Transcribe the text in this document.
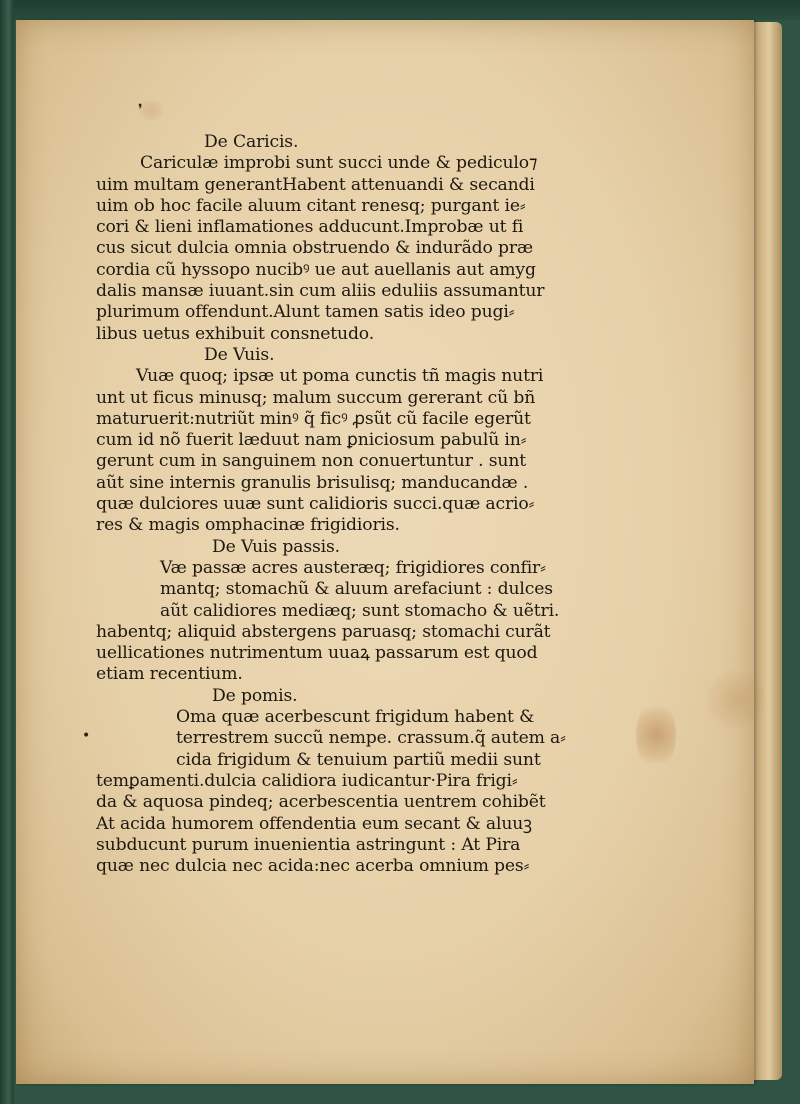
❜
•
De Caricis.
Cariculæ improbi sunt succi unde & pediculo⁊
uim multam generantHabent attenuandi & secandi
uim ob hoc facile aluum citant renesq; purgant ie⸗
cori & lieni inflamationes adducunt.Improbæ ut fi
cus sicut dulcia omnia obstruendo & indurãdo præ
cordia cũ hyssopo nucibꝰ ue aut auellanis aut amyg
dalis mansæ iuuant.sin cum aliis eduliis assumantur
plurimum offendunt.Alunt tamen satis ideo pugi⸗
libus uetus exhibuit consnetudo.
De Vuis.
Vuæ quoq; ipsæ ut poma cunctis tñ magis nutri
unt ut ficus minusq; malum succum gererant cũ bñ
maturuerit:nutriũt minꝰ q̃ ficꝰ ꝓsũt cũ facile egerũt
cum id nõ fuerit læduut nam ꝑniciosum pabulũ in⸗
gerunt cum in sanguinem non conuertuntur . sunt
aũt sine internis granulis brisulisq; manducandæ .
quæ dulciores uuæ sunt calidioris succi.quæ acrio⸗
res & magis omphacinæ frigidioris.
De Vuis passis.
Væ passæ acres austeræq; frigidiores confir⸗
mantq; stomachũ & aluum arefaciunt : dulces
aũt calidiores mediæq; sunt stomacho & uẽtri.
habentq; aliquid abstergens paruasq; stomachi curãt
uellicationes nutrimentum uuaꝝ passarum est quod
etiam recentium.
De pomis.
Oma quæ acerbescunt frigidum habent &
terrestrem succũ nempe. crassum.q̃ autem a⸗
cida frigidum & tenuium partiũ medii sunt
temꝑamenti.dulcia calidiora iudicantur·Pira frigi⸗
da & aquosa pindeq; acerbescentia uentrem cohibẽt
At acida humorem offendentia eum secant & aluuꝫ
subducunt purum inuenientia astringunt : At Pira
quæ nec dulcia nec acida:nec acerba omnium pes⸗
